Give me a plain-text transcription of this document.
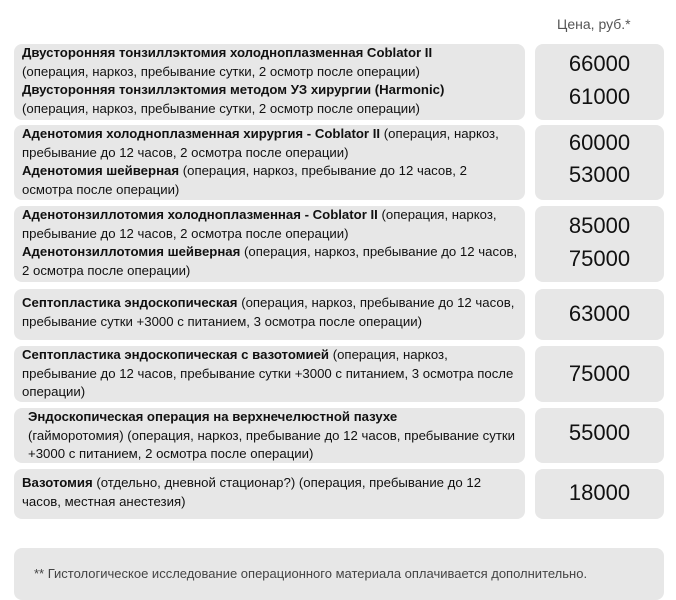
Цена, руб.*

Двусторонняя тонзиллэктомия холодноплазменная Coblator II
(операция, наркоз, пребывание сутки, 2 осмотр после операции)

Двусторонняя тонзиллэктомия методом УЗ хирургии (Harmonic)
(операция, наркоз, пребывание сутки, 2 осмотр после операции)

66000
61000

Аденотомия холодноплазменная хирургия - Coblator II (операция, наркоз, пребывание до 12 часов, 2 осмотра после операции)

Аденотомия шейверная (операция, наркоз, пребывание до 12 часов, 2 осмотра после операции)

60000
53000

Аденотонзиллотомия холодноплазменная - Coblator II (операция, наркоз, пребывание до 12 часов, 2 осмотра после операции)

Аденотонзиллотомия шейверная (операция, наркоз, пребывание до 12 часов, 2 осмотра после операции)

85000
75000

Септопластика эндоскопическая (операция, наркоз, пребывание до 12 часов, пребывание сутки +3000 с питанием, 3 осмотра после операции)	63000

Септопластика эндоскопическая с вазотомией (операция, наркоз, пребывание до 12 часов, пребывание сутки +3000 с питанием, 3 осмотра после операции)

75000

Эндоскопическая операция на верхнечелюстной пазухе
(гайморотомия) (операция, наркоз, пребывание до 12 часов, пребывание сутки +3000 с питанием, 2 осмотра после операции)

55000

Вазотомия (отдельно, дневной стационар?) (операция, пребывание до 12 часов, местная анестезия)	18000
** Гистологическое исследование операционного материала оплачивается дополнительно.
